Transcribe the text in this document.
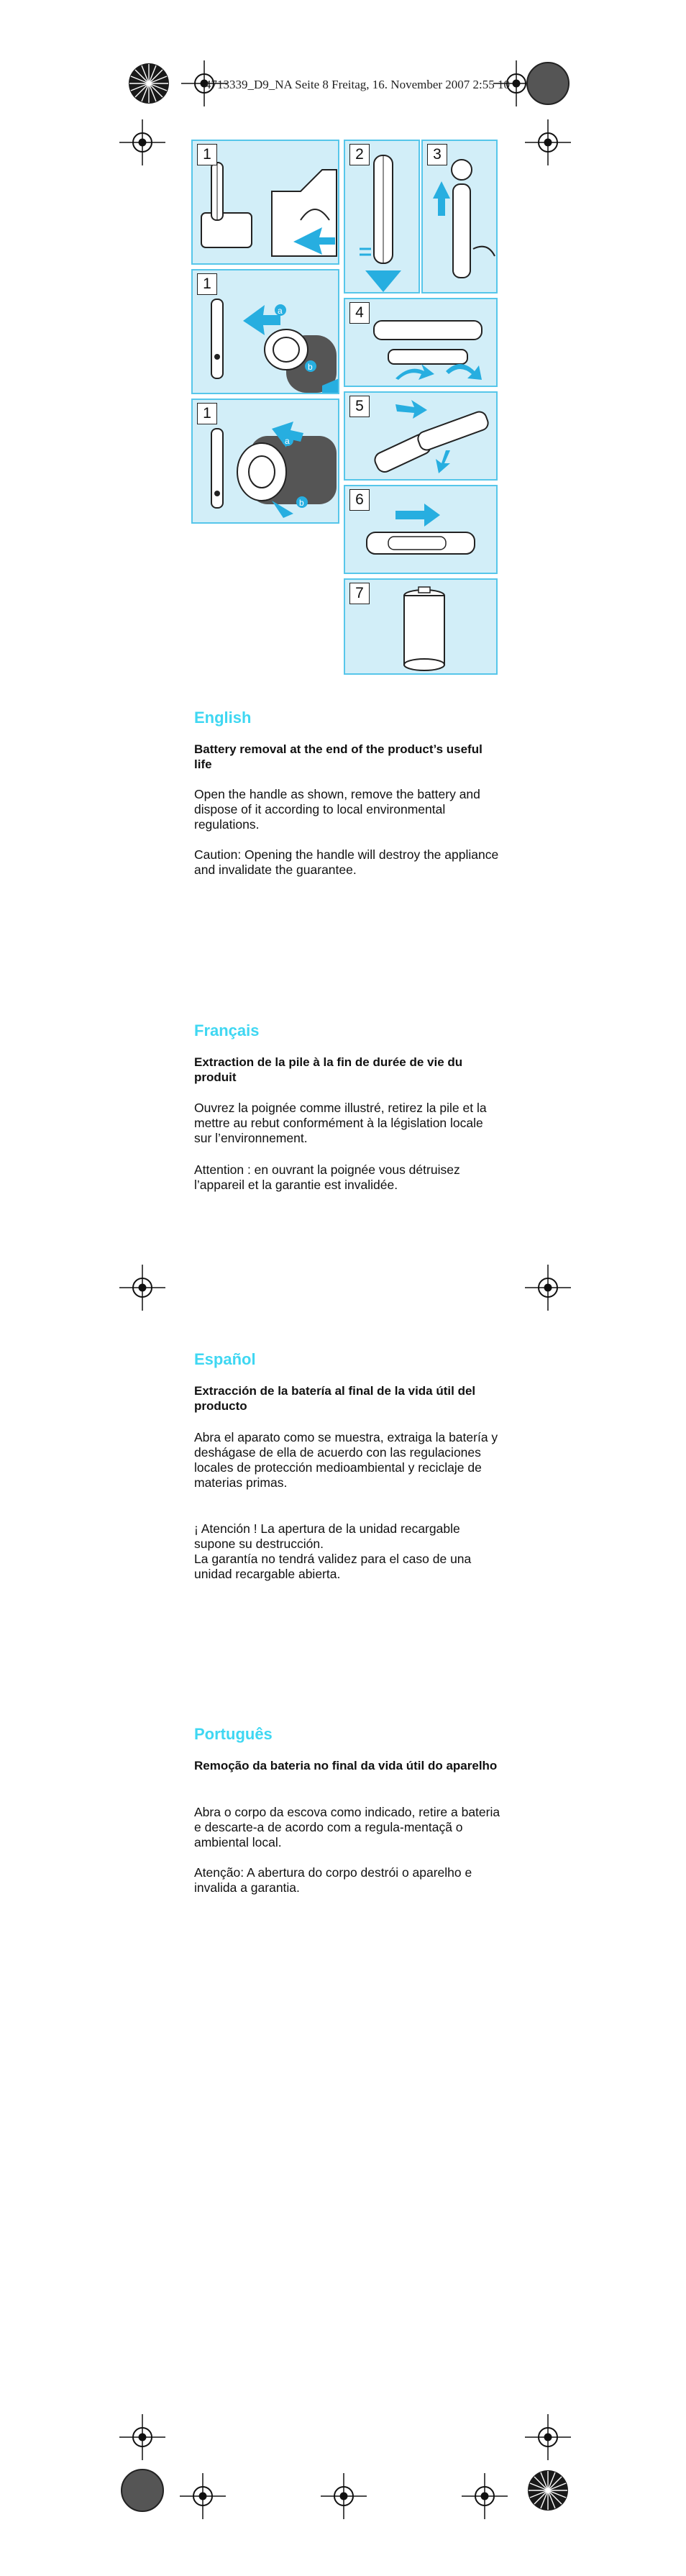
4713339_D9_NA Seite 8 Freitag, 16. November 2007 2:55 10
1
1
a
b
1
a
b
2	3
4
5
6
7
English
Battery removal at the end of the product’s useful life

Open the handle as shown, remove the battery and dispose of it according to local environmental regulations.

Caution: Opening the handle will destroy the appliance and invalidate the guarantee.

Français
Extraction de la pile à la fin de durée de vie du produit

Ouvrez la poignée comme illustré, retirez la pile et la mettre au rebut conformément à la législation locale sur l’environnement.

Attention : en ouvrant la poignée vous détruisez l’appareil et la garantie est invalidée.

Español
Extracción de la batería al final de la vida útil del producto

Abra el aparato como se muestra, extraiga la batería y deshágase de ella de acuerdo con las regulaciones locales de protección medioambiental y reciclaje de materias primas.

¡ Atención ! La apertura de la unidad recargable supone su destrucción.

La garantía no tendrá validez para el caso de una unidad recargable abierta.

Português
Remoção da bateria no final da vida útil do aparelho

Abra o corpo da escova como indicado, retire a bateria e descarte-a de acordo com a regula-mentaçã o ambiental local.

Atenção: A abertura do corpo destrói o aparelho e invalida a garantia.
